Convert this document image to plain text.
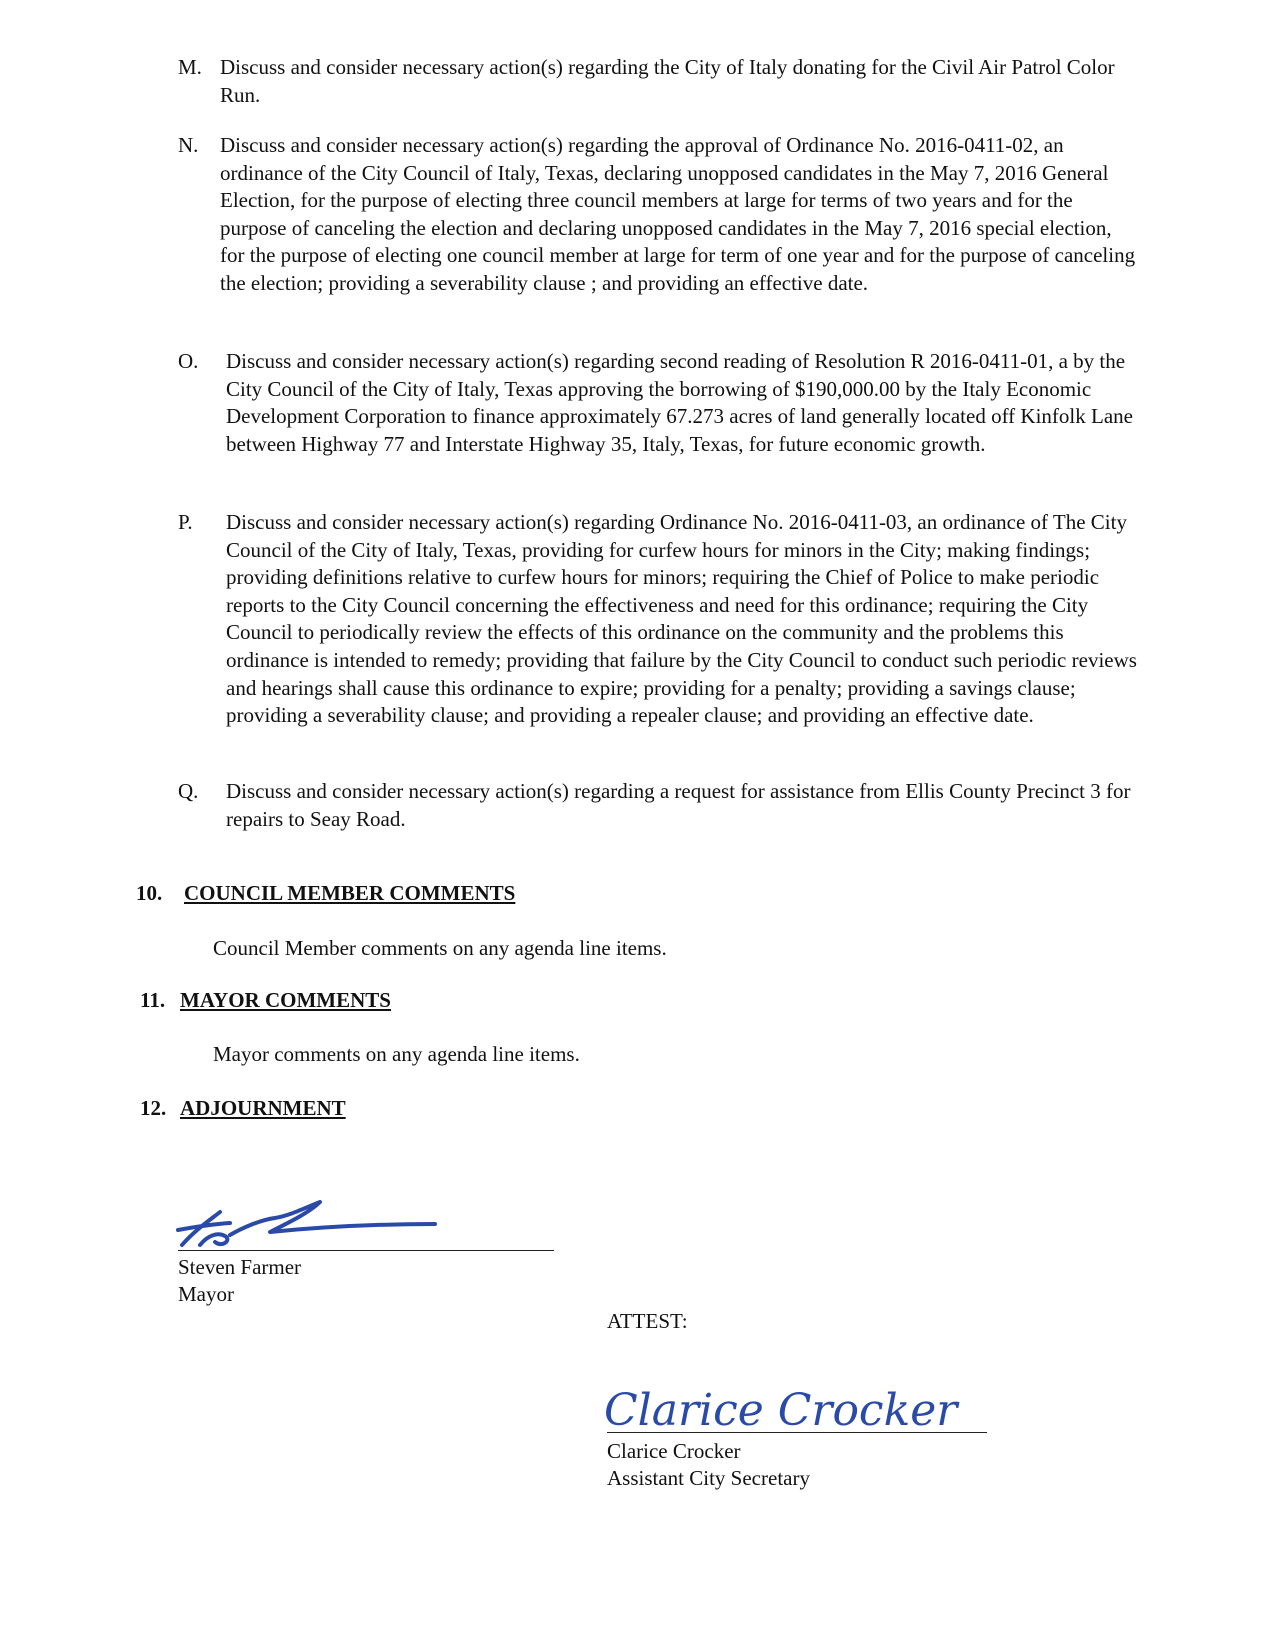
M. Discuss and consider necessary action(s) regarding the City of Italy donating for the Civil Air Patrol Color Run.
N. Discuss and consider necessary action(s) regarding the approval of Ordinance No. 2016-0411-02, an ordinance of the City Council of Italy, Texas, declaring unopposed candidates in the May 7, 2016 General Election, for the purpose of electing three council members at large for terms of two years and for the purpose of canceling the election and declaring unopposed candidates in the May 7, 2016 special election, for the purpose of electing one council member at large for term of one year and for the purpose of canceling the election; providing a severability clause ; and providing an effective date.
O. Discuss and consider necessary action(s) regarding second reading of Resolution R 2016-0411-01, a by the City Council of the City of Italy, Texas approving the borrowing of $190,000.00 by the Italy Economic Development Corporation to finance approximately 67.273 acres of land generally located off Kinfolk Lane between Highway 77 and Interstate Highway 35, Italy, Texas, for future economic growth.
P. Discuss and consider necessary action(s) regarding Ordinance No. 2016-0411-03, an ordinance of The City Council of the City of Italy, Texas, providing for curfew hours for minors in the City; making findings; providing definitions relative to curfew hours for minors; requiring the Chief of Police to make periodic reports to the City Council concerning the effectiveness and need for this ordinance; requiring the City Council to periodically review the effects of this ordinance on the community and the problems this ordinance is intended to remedy; providing that failure by the City Council to conduct such periodic reviews and hearings shall cause this ordinance to expire; providing for a penalty; providing a savings clause; providing a severability clause; and providing a repealer clause; and providing an effective date.
Q. Discuss and consider necessary action(s) regarding a request for assistance from Ellis County Precinct 3 for repairs to Seay Road.
10. COUNCIL MEMBER COMMENTS
Council Member comments on any agenda line items.
11. MAYOR COMMENTS
Mayor comments on any agenda line items.
12. ADJOURNMENT
Steven Farmer
Mayor
ATTEST:
Clarice Crocker
Clarice Crocker
Assistant City Secretary
